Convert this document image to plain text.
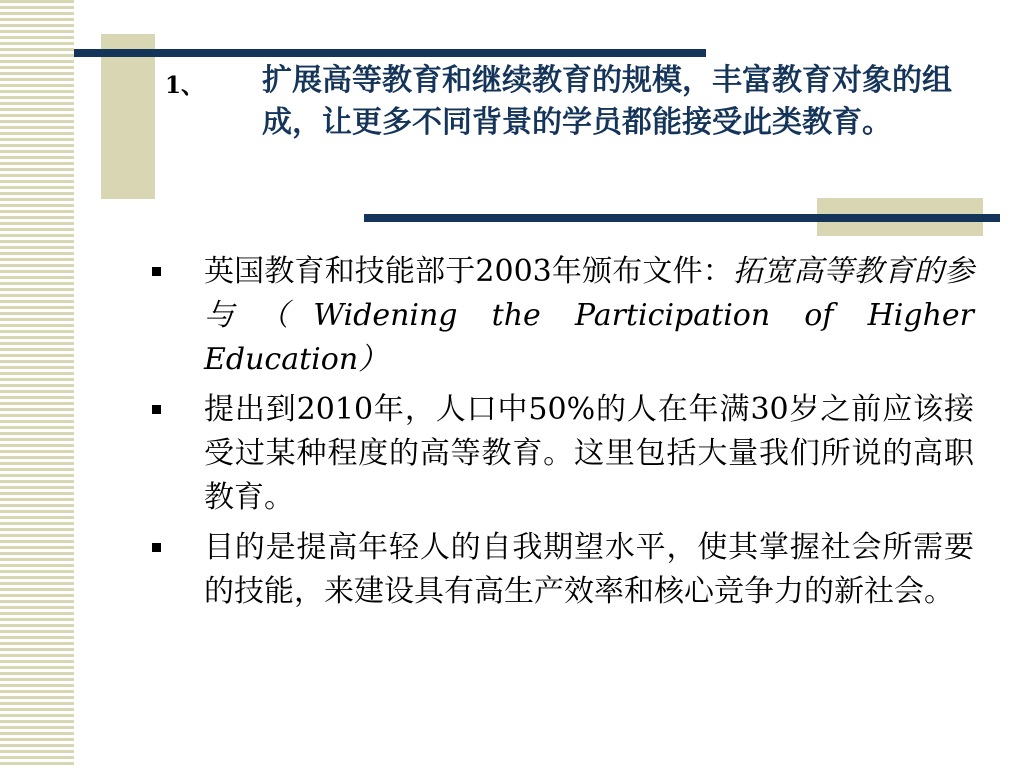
1、 扩展高等教育和继续教育的规模，丰富教育对象的组成，让更多不同背景的学员都能接受此类教育。
英国教育和技能部于2003年颁布文件：拓宽高等教育的参与（Widening the Participation of Higher Education）
提出到2010年，人口中50%的人在年满30岁之前应该接受过某种程度的高等教育。这里包括大量我们所说的高职教育。
目的是提高年轻人的自我期望水平，使其掌握社会所需要的技能，来建设具有高生产效率和核心竞争力的新社会。
